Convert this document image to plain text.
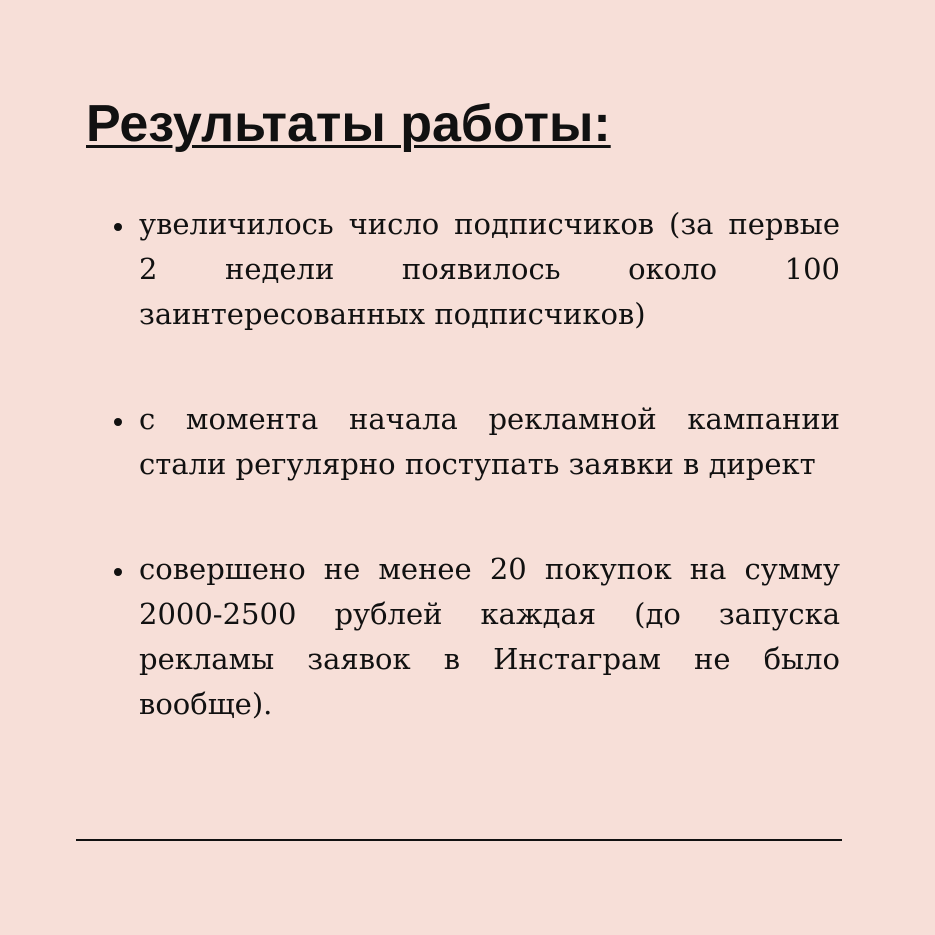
Результаты работы:
увеличилось число подписчиков (за первые 2 недели появилось около 100 заинтересованных подписчиков)
с момента начала рекламной кампании стали регулярно поступать заявки в директ
совершено не менее 20 покупок на сумму 2000-2500 рублей каждая (до запуска рекламы заявок в Инстаграм не было вообще).
